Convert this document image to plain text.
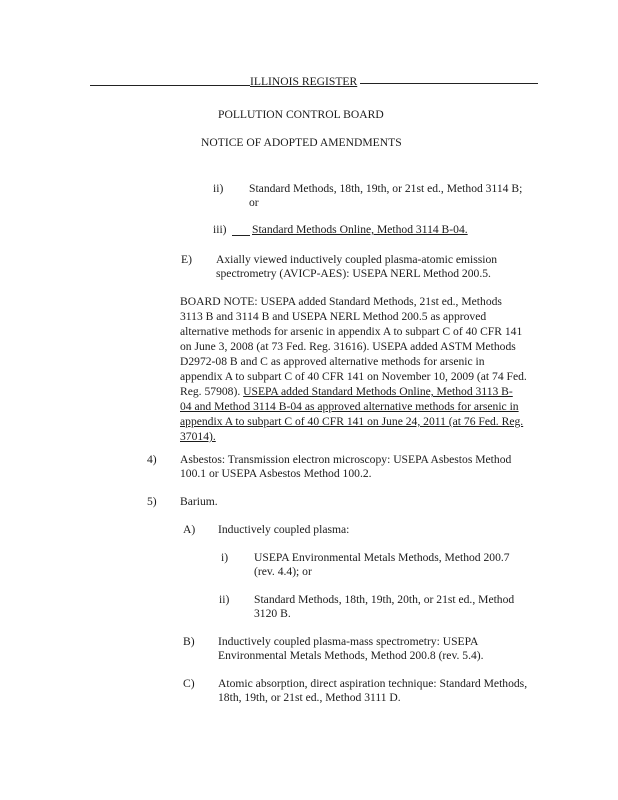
ILLINOIS REGISTER
POLLUTION CONTROL BOARD
NOTICE OF ADOPTED AMENDMENTS
ii) Standard Methods, 18th, 19th, or 21st ed., Method 3114 B;
or
iii) Standard Methods Online, Method 3114 B-04.
E) Axially viewed inductively coupled plasma-atomic emission
spectrometry (AVICP-AES): USEPA NERL Method 200.5.
BOARD NOTE: USEPA added Standard Methods, 21st ed., Methods
3113 B and 3114 B and USEPA NERL Method 200.5 as approved
alternative methods for arsenic in appendix A to subpart C of 40 CFR 141
on June 3, 2008 (at 73 Fed. Reg. 31616). USEPA added ASTM Methods
D2972-08 B and C as approved alternative methods for arsenic in
appendix A to subpart C of 40 CFR 141 on November 10, 2009 (at 74 Fed.
Reg. 57908). USEPA added Standard Methods Online, Method 3113 B-
04 and Method 3114 B-04 as approved alternative methods for arsenic in
appendix A to subpart C of 40 CFR 141 on June 24, 2011 (at 76 Fed. Reg.
37014).
4) Asbestos: Transmission electron microscopy: USEPA Asbestos Method
100.1 or USEPA Asbestos Method 100.2.
5) Barium.
A) Inductively coupled plasma:
i) USEPA Environmental Metals Methods, Method 200.7
(rev. 4.4); or
ii) Standard Methods, 18th, 19th, 20th, or 21st ed., Method
3120 B.
B) Inductively coupled plasma-mass spectrometry: USEPA
Environmental Metals Methods, Method 200.8 (rev. 5.4).
C) Atomic absorption, direct aspiration technique: Standard Methods,
18th, 19th, or 21st ed., Method 3111 D.
